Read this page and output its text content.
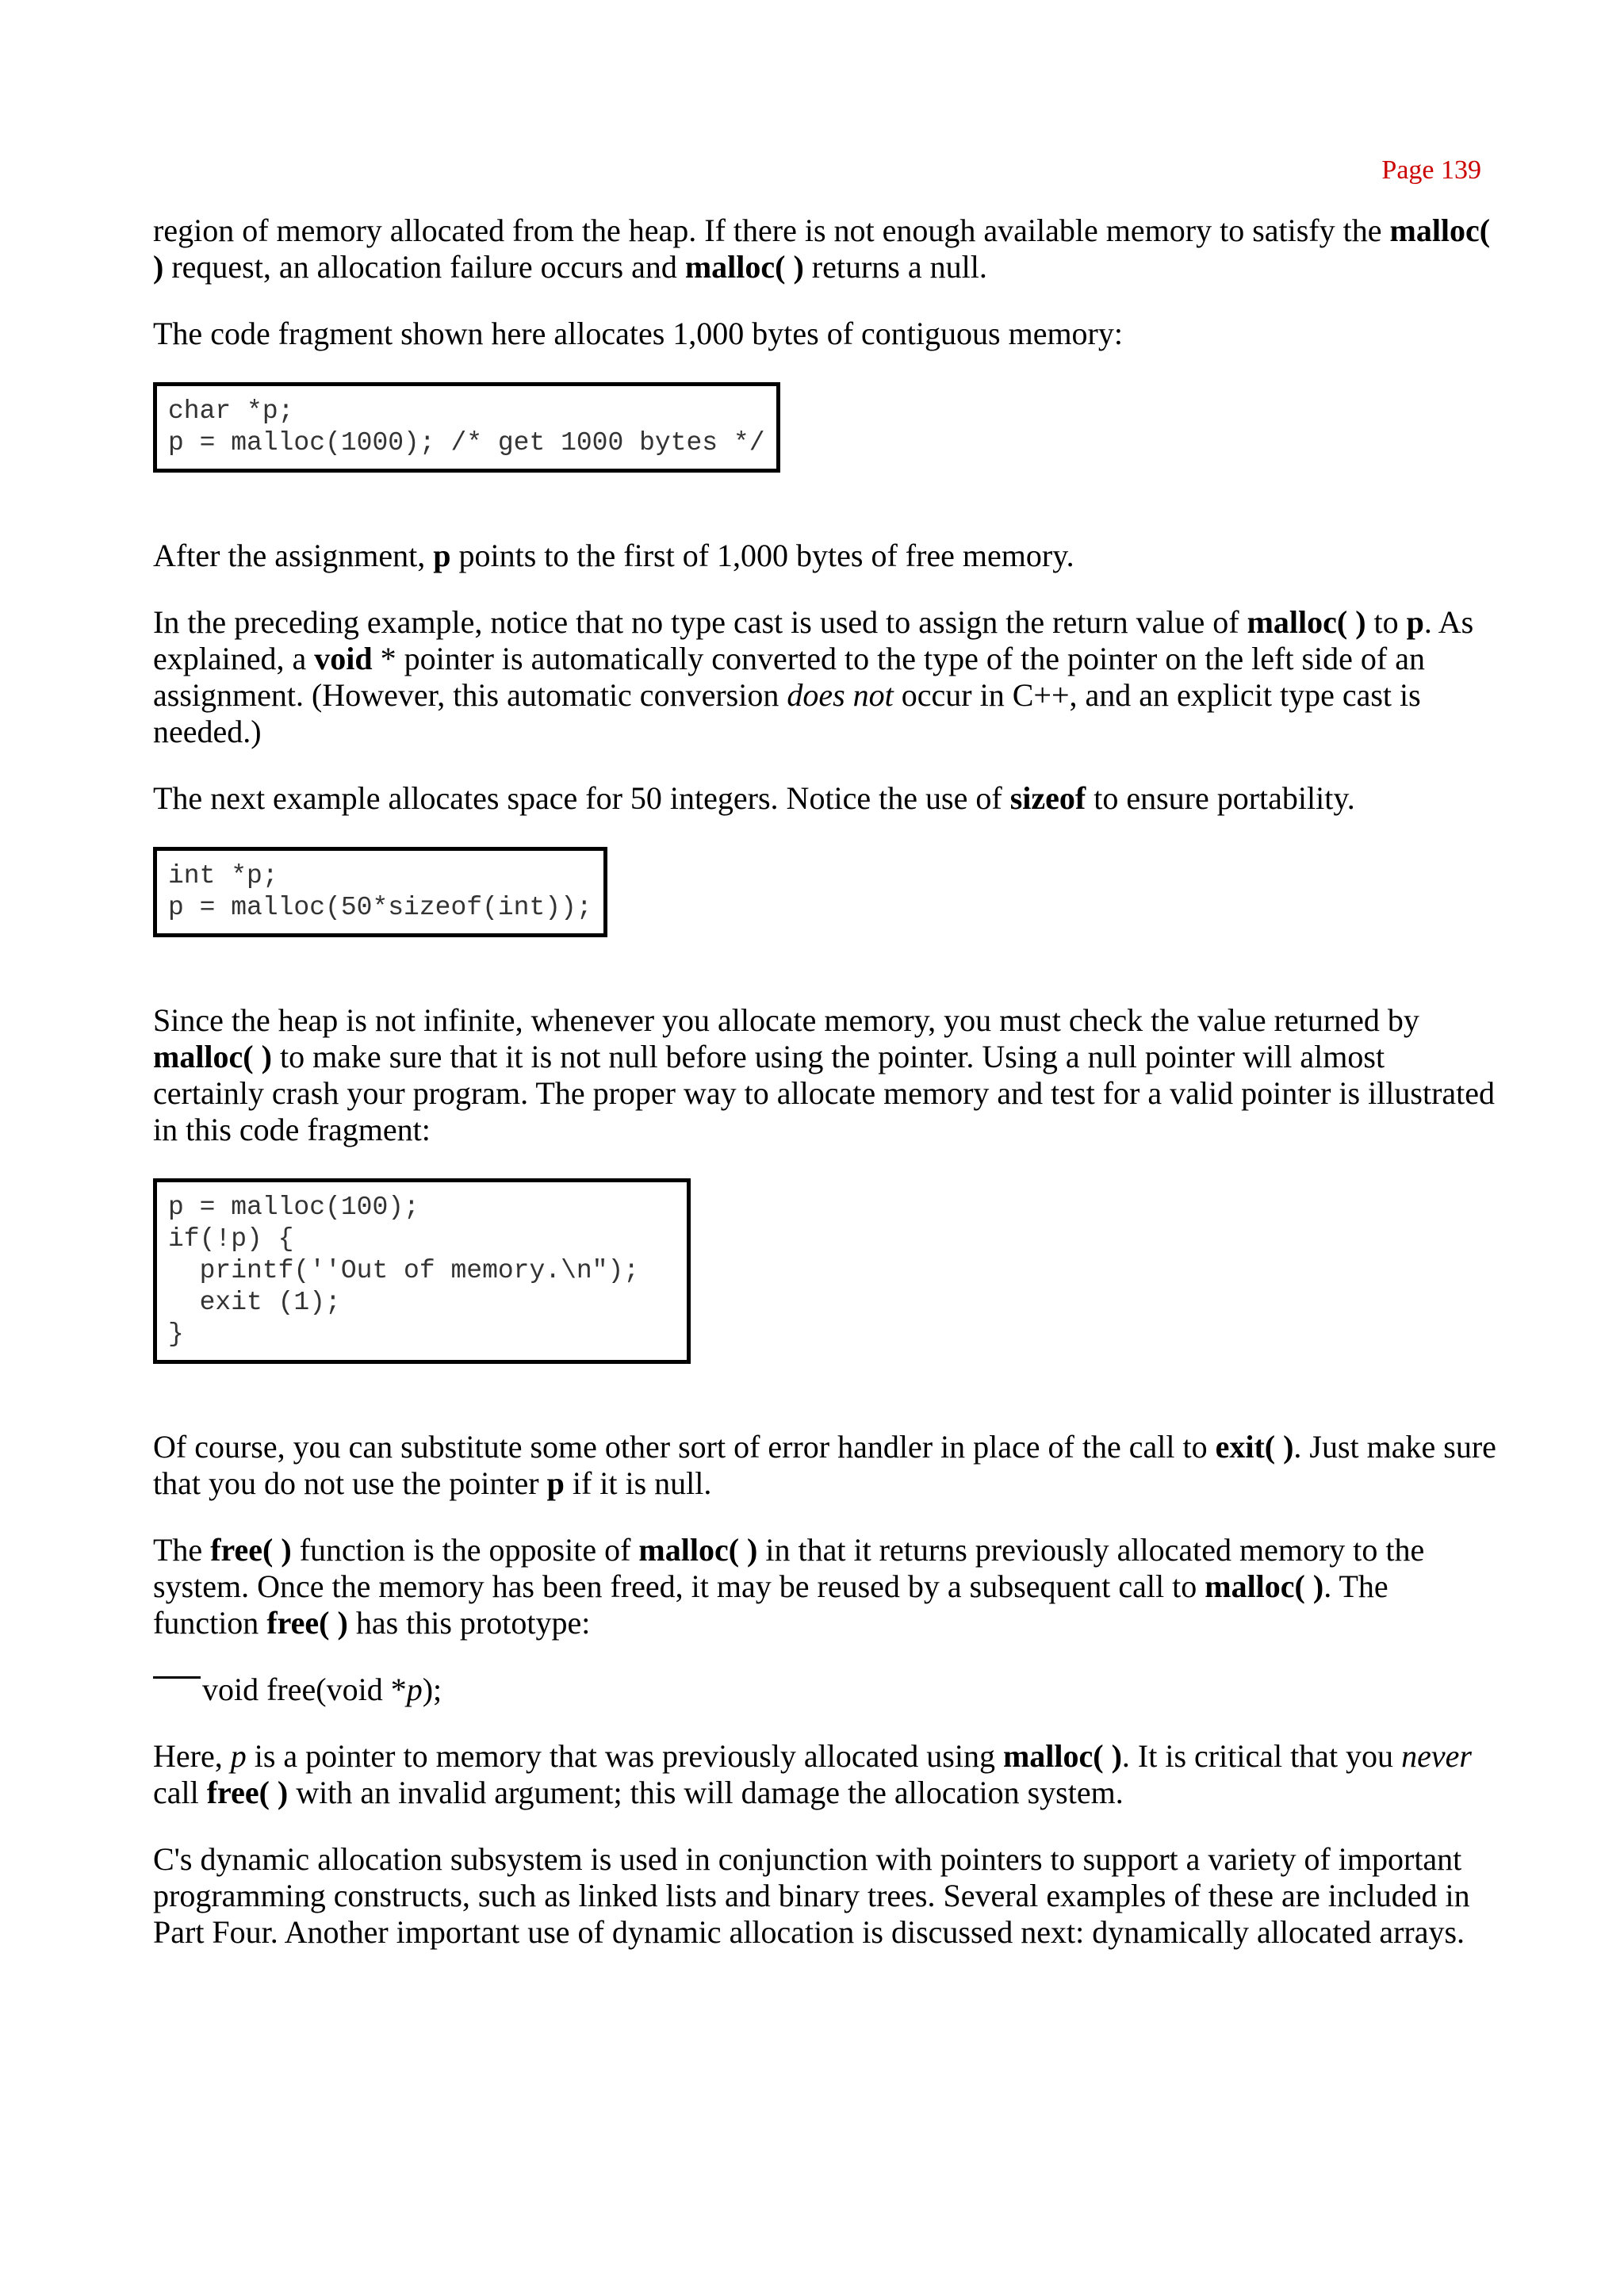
Page 139

region of memory allocated from the heap. If there is not enough available memory to satisfy the malloc( ) request, an allocation failure occurs and malloc( ) returns a null.

The code fragment shown here allocates 1,000 bytes of contiguous memory:

char *p;
p = malloc(1000); /* get 1000 bytes */

After the assignment, p points to the first of 1,000 bytes of free memory.

In the preceding example, notice that no type cast is used to assign the return value of malloc( ) to p. As explained, a void * pointer is automatically converted to the type of the pointer on the left side of an assignment. (However, this automatic conversion does not occur in C++, and an explicit type cast is needed.)

The next example allocates space for 50 integers. Notice the use of sizeof to ensure portability.

int *p;
p = malloc(50*sizeof(int));

Since the heap is not infinite, whenever you allocate memory, you must check the value returned by malloc( ) to make sure that it is not null before using the pointer. Using a null pointer will almost certainly crash your program. The proper way to allocate memory and test for a valid pointer is illustrated in this code fragment:

p = malloc(100);
if(!p) {
printf(''Out of memory.\n");
exit (1);
}

Of course, you can substitute some other sort of error handler in place of the call to exit( ). Just make sure that you do not use the pointer p if it is null.

The free( ) function is the opposite of malloc( ) in that it returns previously allocated memory to the system. Once the memory has been freed, it may be reused by a subsequent call to malloc( ). The function free( ) has this prototype:

void free(void *p);

Here, p is a pointer to memory that was previously allocated using malloc( ). It is critical that you never call free( ) with an invalid argument; this will damage the allocation system.

C's dynamic allocation subsystem is used in conjunction with pointers to support a variety of important programming constructs, such as linked lists and binary trees. Several examples of these are included in Part Four. Another important use of dynamic allocation is discussed next: dynamically allocated arrays.
